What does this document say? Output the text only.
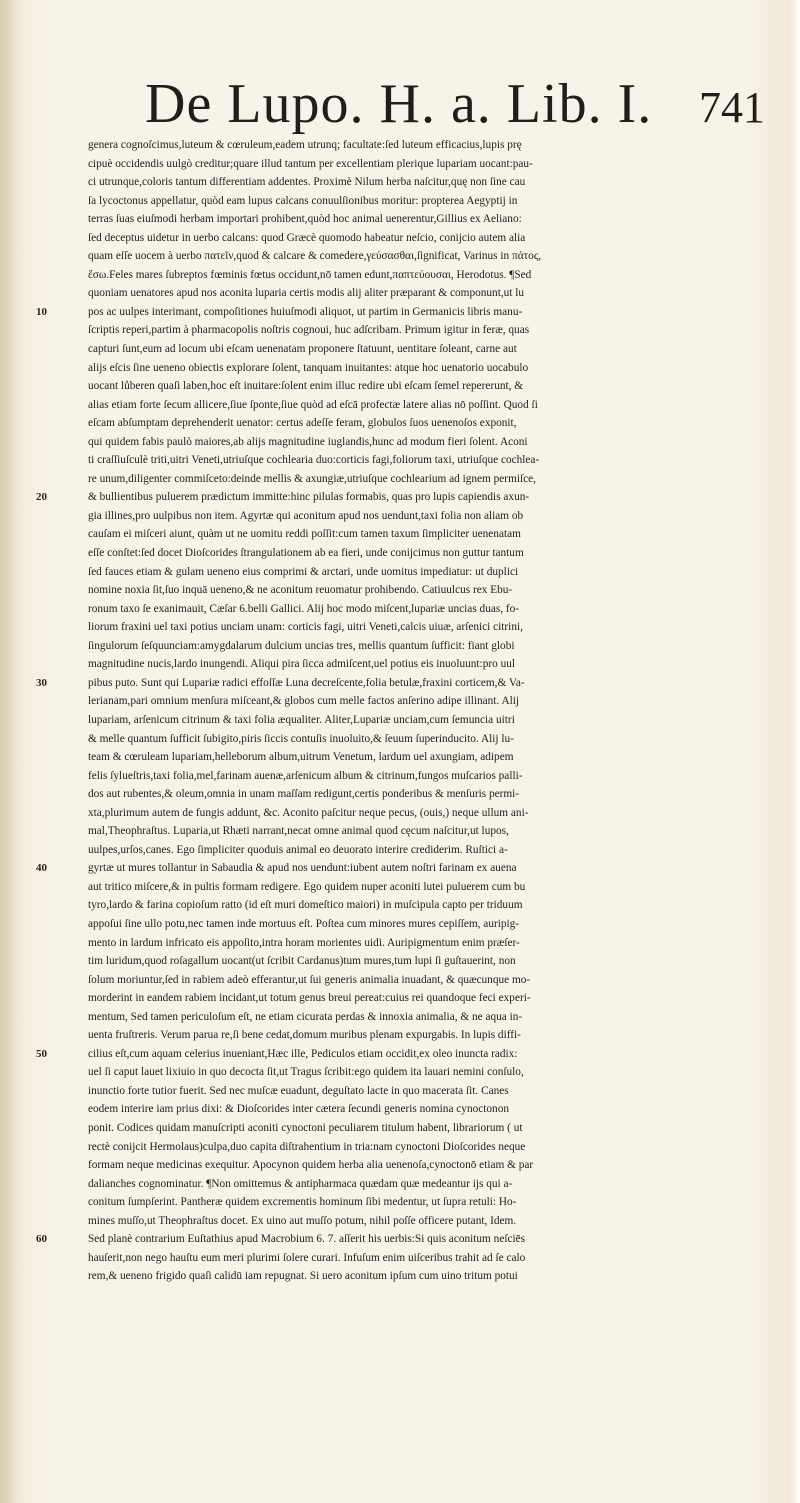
De Lupo. H. a. Lib. I. 741
genera cognoſcimus,luteum & cœruleum,eadem utrunq; facultate:ſed luteum efficacius,lupis prę
cipuè occidendis uulgò creditur;quare illud tantum per excellentiam plerique lupariam uocant:pau-
ci utrunque,coloris tantum differentiam addentes. Proximè Nilum herba naſcitur,quę non ſine cau
ſa lycoctonus appellatur, quòd eam lupus calcans conuulſionibus moritur: propterea Aegyptij in
terras ſuas eiuſmodi herbam importari prohibent,quòd hoc animal uenerentur,Gillius ex Aeliano:
ſed deceptus uidetur in uerbo calcans: quod Græcè quomodo habeatur neſcio, conijcio autem alia
quam eſſe uocem à uerbo πατεῖν,quod & calcare & comedere,γεύσασθαι,ſignificat, Varinus in πάτος,
ἔσω.Feles mares ſubreptos fœminis fœtus occidunt,nō tamen edunt,παπτεύουσαι, Herodotus. ¶Sed
quoniam uenatores apud nos aconita luparia certis modis alij aliter præparant & componunt,ut lu
10	pos ac uulpes interimant, compoſitiones huiuſmodi aliquot, ut partim in Germanicis libris manu-
ſcriptis reperi,partim à pharmacopolis noſtris cognoui, huc adſcribam. Primum igitur in feræ, quas
capturi ſunt,eum ad locum ubi eſcam uenenatam proponere ſtatuunt, uentitare ſoleant, carne aut
alijs eſcis ſine ueneno obiectis explorare ſolent, tanquam inuitantes: atque hoc uenatorio uocabulo
uocant lůberen quaſi laben,hoc eſt inuitare:ſolent enim illuc redire ubi eſcam ſemel repererunt, &
alias etiam forte ſecum allicere,ſiue ſponte,ſiue quòd ad eſcā profectæ latere alias nō poſſint. Quod ſi
eſcam abſumptam deprehenderit uenator: certus adeſſe feram, globulos ſuos uenenoſos exponit,
qui quidem fabis paulò maiores,ab alijs magnitudine iuglandis,hunc ad modum fieri ſolent. Aconi
ti craſſiuſculè triti,uitri Veneti,utriuſque cochlearia duo:corticis fagi,foliorum taxi, utriuſque cochlea-
re unum,diligenter commiſceto:deinde mellis & axungiæ,utriuſque cochlearium ad ignem permiſce,
20	& bullientibus puluerem prædictum immitte:hinc pilulas formabis, quas pro lupis capiendis axun-
gia illines,pro uulpibus non item. Agyrtæ qui aconitum apud nos uendunt,taxi folia non aliam ob
cauſam ei miſceri aiunt, quàm ut ne uomitu reddi poſſit:cum tamen taxum ſimpliciter uenenatam
eſſe conſtet:ſed docet Dioſcorides ſtrangulationem ab ea fieri, unde conijcimus non guttur tantum
ſed fauces etiam & gulam ueneno eius comprimi & arctari, unde uomitus impediatur: ut duplici
nomine noxia ſit,ſuo inquā ueneno,& ne aconitum reuomatur prohibendo. Catiuulcus rex Ebu-
ronum taxo ſe exanimauit, Cæſar 6.belli Gallici. Alij hoc modo miſcent,lupariæ uncias duas, fo-
liorum fraxini uel taxi potius unciam unam: corticis fagi, uitri Veneti,calcis uiuæ, arſenici citrini,
ſingulorum ſeſquunciam:amygdalarum dulcium uncias tres, mellis quantum ſufficit: fiant globi
magnitudine nucis,lardo inungendi. Aliqui pira ſicca admiſcent,uel potius eis inuoluunt:pro uul
30	pibus puto. Sunt qui Lupariæ radici effoſſæ Luna decreſcente,folia betulæ,fraxini corticem,& Va-
lerianam,pari omnium menſura miſceant,& globos cum melle factos anſerino adipe illinant. Alij
lupariam, arſenicum citrinum & taxi folia æqualiter. Aliter,Lupariæ unciam,cum ſemuncia uitri
& melle quantum ſufficit ſubigito,piris ſiccis contuſis inuoluito,& ſeuum ſuperinducito. Alij lu-
team & cœruleam lupariam,helleborum album,uitrum Venetum, lardum uel axungiam, adipem
felis ſylueſtris,taxi folia,mel,farinam auenæ,arſenicum album & citrinum,fungos muſcarios palli-
dos aut rubentes,& oleum,omnia in unam maſſam redigunt,certis ponderibus & menſuris permi-
xta,plurimum autem de fungis addunt, &c. Aconito paſcitur neque pecus, (ouis,) neque ullum ani-
mal,Theophraſtus. Luparia,ut Rhæti narrant,necat omne animal quod cęcum naſcitur,ut lupos,
uulpes,urſos,canes. Ego ſimpliciter quoduis animal eo deuorato interire crediderim. Ruſtici a-
40	gyrtæ ut mures tollantur in Sabaudia & apud nos uendunt:iubent autem noſtri farinam ex auena
aut tritico miſcere,& in pultis formam redigere. Ego quidem nuper aconiti lutei puluerem cum bu
tyro,lardo & farina copioſum ratto (id eſt muri domeſtico maiori) in muſcipula capto per triduum
appoſui ſine ullo potu,nec tamen inde mortuus eſt. Poſtea cum minores mures cepiſſem, auripig-
mento in lardum infricato eis appoſito,intra horam morientes uidi. Auripigmentum enim præſer-
tim luridum,quod roſagallum uocant(ut ſcribit Cardanus)tum mures,tum lupi ſi guſtauerint, non
ſolum moriuntur,ſed in rabiem adeò efferantur,ut ſui generis animalia inuadant, & quæcunque mo-
morderint in eandem rabiem incidant,ut totum genus breui pereat:cuius rei quandoque feci experi-
mentum, Sed tamen periculoſum eſt, ne etiam cicurata perdas & innoxia animalia, & ne aqua in-
uenta fruſtreris. Verum parua re,ſi bene cedat,domum muribus plenam expurgabis. In lupis diffi-
50	cilius eſt,cum aquam celerius inueniant,Hæc ille, Pediculos etiam occidit,ex oleo inuncta radix:
uel ſi caput lauet lixiuio in quo decocta ſit,ut Tragus ſcribit:ego quidem ita lauari nemini conſulo,
inunctio forte tutior fuerit. Sed nec muſcæ euadunt, deguſtato lacte in quo macerata ſit. Canes
eodem interire iam prius dixi: & Dioſcorides inter cætera ſecundi generis nomina cynoctonon
ponit. Codices quidam manuſcripti aconiti cynoctoni peculiarem titulum habent, librariorum ( ut
rectè conijcit Hermolaus)culpa,duo capita diſtrahentium in tria:nam cynoctoni Dioſcorides neque
formam neque medicinas exequitur. Apocynon quidem herba alia uenenoſa,cynoctonō etiam & par
dalianches cognominatur. ¶Non omittemus & antipharmaca quædam quæ medeantur ijs qui a-
conitum ſumpſerint. Pantheræ quidem excrementis hominum ſibi medentur, ut ſupra retuli: Ho-
mines muſſo,ut Theophraſtus docet. Ex uino aut muſſo potum, nihil poſſe officere putant, Idem.
60	Sed planè contrarium Euſtathius apud Macrobium 6. 7. aſſerit his uerbis:Si quis aconitum neſciēs
hauſerit,non nego hauſtu eum meri plurimi ſolere curari. Infuſum enim uiſceribus trahit ad ſe calo
rem,& ueneno frigido quaſi calidū iam repugnat. Si uero aconitum ipſum cum uino tritum potui
